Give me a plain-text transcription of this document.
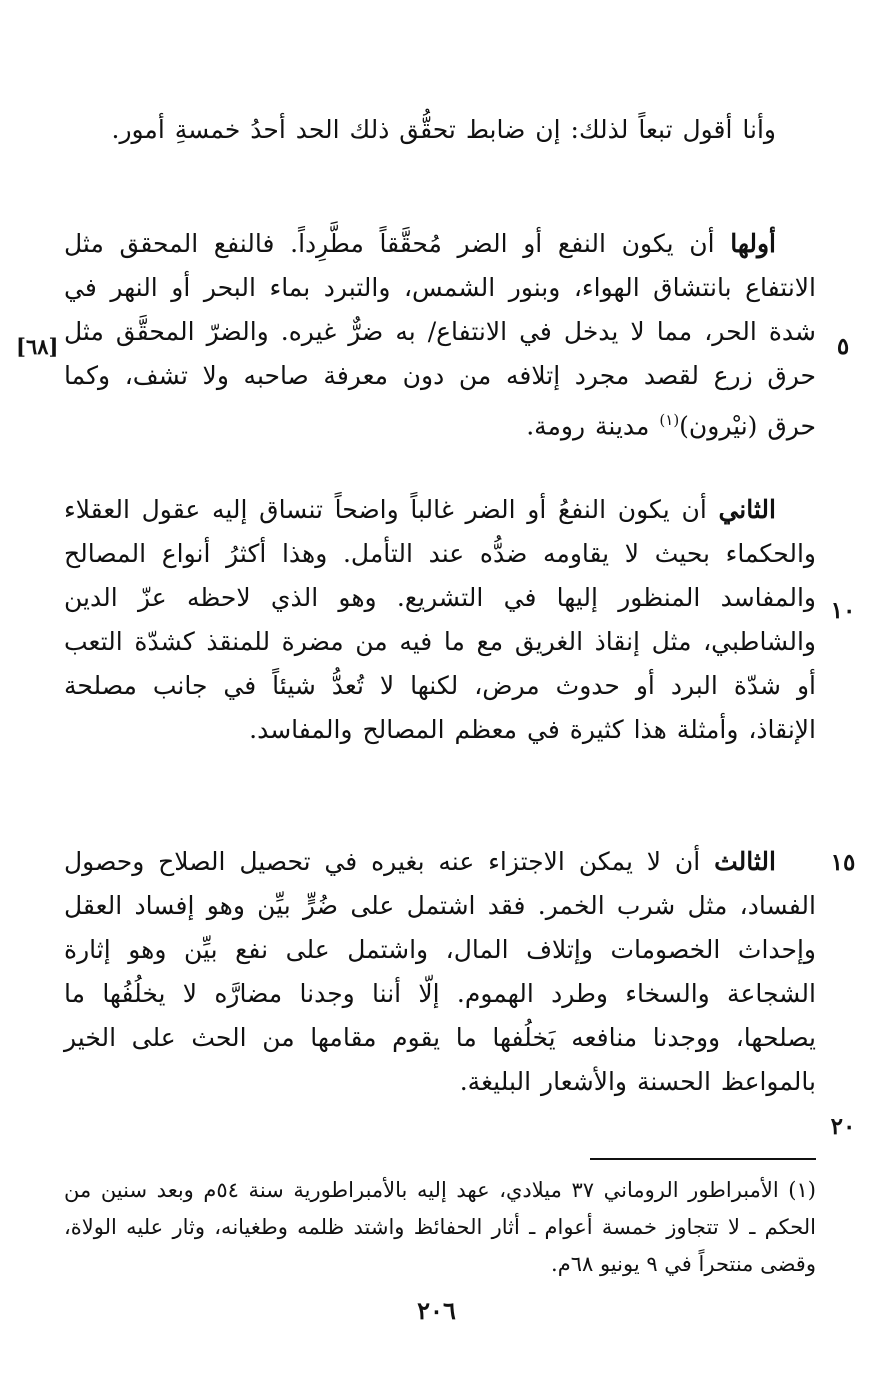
وأنا أقول تبعاً لذلك: إن ضابط تحقُّق ذلك الحد أحدُ خمسةِ أمور.

أولها أن يكون النفع أو الضر مُحقَّقاً مطَّرِداً. فالنفع المحقق مثل الانتفاع بانتشاق الهواء، وبنور الشمس، والتبرد بماء البحر أو النهر في شدة الحر، مما لا يدخل في الانتفاع/ به ضرٌّ غيره. والضرّ المحقَّق مثل حرق زرع لقصد مجرد إتلافه من دون معرفة صاحبه ولا تشف، وكما حرق (نيْرون)$^{(١)}$ مدينة رومة.

الثاني أن يكون النفعُ أو الضر غالباً واضحاً تنساق إليه عقول العقلاء والحكماء بحيث لا يقاومه ضدُّه عند التأمل. وهذا أكثرُ أنواع المصالح والمفاسد المنظور إليها في التشريع. وهو الذي لاحظه عزّ الدين والشاطبي، مثل إنقاذ الغريق مع ما فيه من مضرة للمنقذ كشدّة التعب أو شدّة البرد أو حدوث مرض، لكنها لا تُعدُّ شيئاً في جانب مصلحة الإنقاذ، وأمثلة هذا كثيرة في معظم المصالح والمفاسد.

الثالث أن لا يمكن الاجتزاء عنه بغيره في تحصيل الصلاح وحصول الفساد، مثل شرب الخمر. فقد اشتمل على ضُرٍّ بيِّن وهو إفساد العقل وإحداث الخصومات وإتلاف المال، واشتمل على نفع بيِّن وهو إثارة الشجاعة والسخاء وطرد الهموم. إلّا أننا وجدنا مضارَّه لا يخلُفُها ما يصلحها، ووجدنا منافعه يَخلُفها ما يقوم مقامها من الحث على الخير بالمواعظ الحسنة والأشعار البليغة.

٥
١٠
١٥
٢٠
[٦٨]

(١) الأمبراطور الروماني ٣٧ ميلادي، عهد إليه بالأمبراطورية سنة ٥٤م وبعد سنين من الحكم ـ لا تتجاوز خمسة أعوام ـ أثار الحفائظ واشتد ظلمه وطغيانه، وثار عليه الولاة، وقضى منتحراً في ٩ يونيو ٦٨م.

٢٠٦
